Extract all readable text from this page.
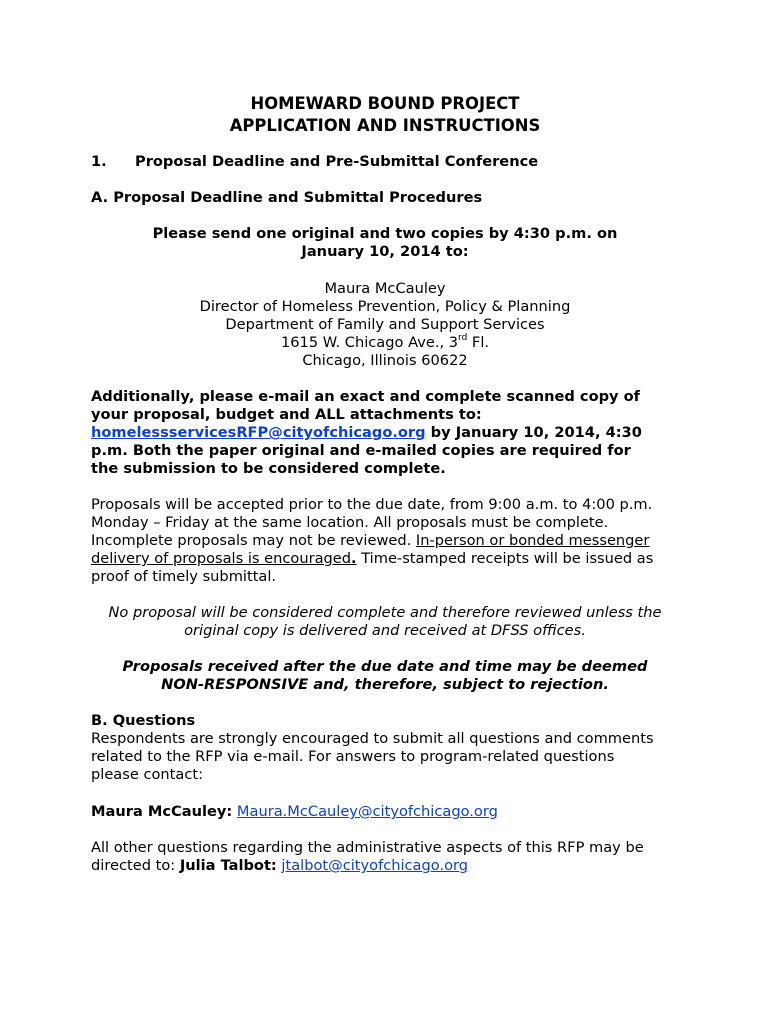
HOMEWARD BOUND PROJECT
APPLICATION AND INSTRUCTIONS
1. Proposal Deadline and Pre-Submittal Conference
A. Proposal Deadline and Submittal Procedures
Please send one original and two copies by 4:30 p.m. on
January 10, 2014 to:
Maura McCauley
Director of Homeless Prevention, Policy & Planning
Department of Family and Support Services
1615 W. Chicago Ave., 3rd Fl.
Chicago, Illinois 60622
Additionally, please e-mail an exact and complete scanned copy of
your proposal, budget and ALL attachments to:
homelessservicesRFP@cityofchicago.org by January 10, 2014, 4:30
p.m. Both the paper original and e-mailed copies are required for
the submission to be considered complete.
Proposals will be accepted prior to the due date, from 9:00 a.m. to 4:00 p.m.
Monday – Friday at the same location. All proposals must be complete.
Incomplete proposals may not be reviewed. In-person or bonded messenger
delivery of proposals is encouraged. Time-stamped receipts will be issued as
proof of timely submittal.
No proposal will be considered complete and therefore reviewed unless the
original copy is delivered and received at DFSS offices.
Proposals received after the due date and time may be deemed
NON-RESPONSIVE and, therefore, subject to rejection.
B. Questions
Respondents are strongly encouraged to submit all questions and comments
related to the RFP via e-mail. For answers to program-related questions
please contact:
Maura McCauley: Maura.McCauley@cityofchicago.org
All other questions regarding the administrative aspects of this RFP may be
directed to: Julia Talbot: jtalbot@cityofchicago.org
